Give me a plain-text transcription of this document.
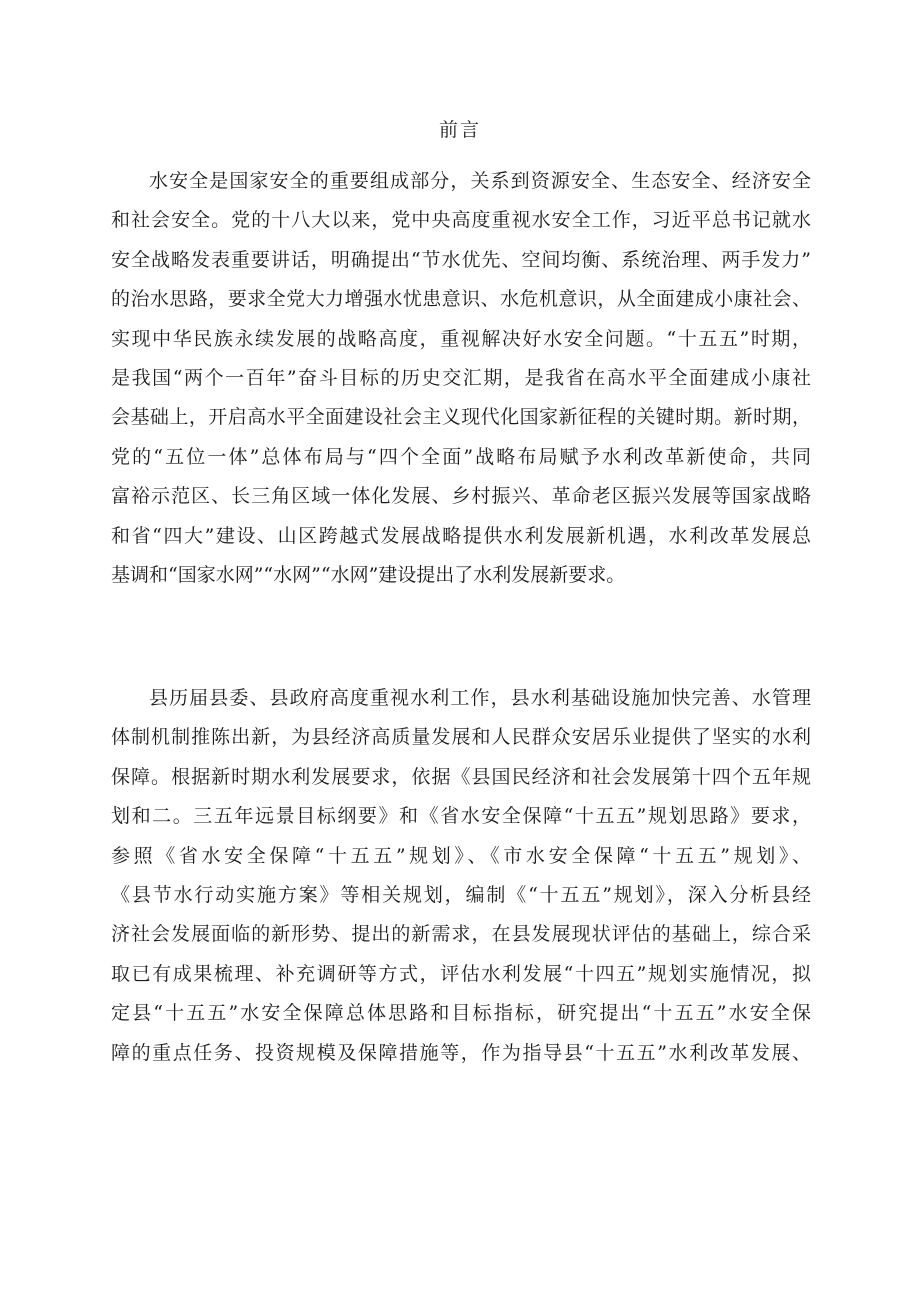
前言
水安全是国家安全的重要组成部分，关系到资源安全、生态安全、经济安全
和社会安全。党的十八大以来，党中央高度重视水安全工作，习近平总书记就水
安全战略发表重要讲话，明确提出“节水优先、空间均衡、系统治理、两手发力”
的治水思路，要求全党大力增强水忧患意识、水危机意识，从全面建成小康社会、
实现中华民族永续发展的战略高度，重视解决好水安全问题。“十五五”时期，
是我国“两个一百年”奋斗目标的历史交汇期，是我省在高水平全面建成小康社
会基础上，开启高水平全面建设社会主义现代化国家新征程的关键时期。新时期，
党的“五位一体”总体布局与“四个全面”战略布局赋予水利改革新使命，共同
富裕示范区、长三角区域一体化发展、乡村振兴、革命老区振兴发展等国家战略
和省“四大”建设、山区跨越式发展战略提供水利发展新机遇，水利改革发展总
基调和“国家水网”“水网”“水网”建设提出了水利发展新要求。
县历届县委、县政府高度重视水利工作，县水利基础设施加快完善、水管理
体制机制推陈出新，为县经济高质量发展和人民群众安居乐业提供了坚实的水利
保障。根据新时期水利发展要求，依据《县国民经济和社会发展第十四个五年规
划和二。三五年远景目标纲要》和《省水安全保障“十五五”规划思路》要求，
参照《省水安全保障“十五五”规划》、《市水安全保障“十五五”规划》、
《县节水行动实施方案》等相关规划，编制《“十五五”规划》，深入分析县经
济社会发展面临的新形势、提出的新需求，在县发展现状评估的基础上，综合采
取已有成果梳理、补充调研等方式，评估水利发展“十四五”规划实施情况，拟
定县“十五五”水安全保障总体思路和目标指标，研究提出“十五五”水安全保
障的重点任务、投资规模及保障措施等，作为指导县“十五五”水利改革发展、
